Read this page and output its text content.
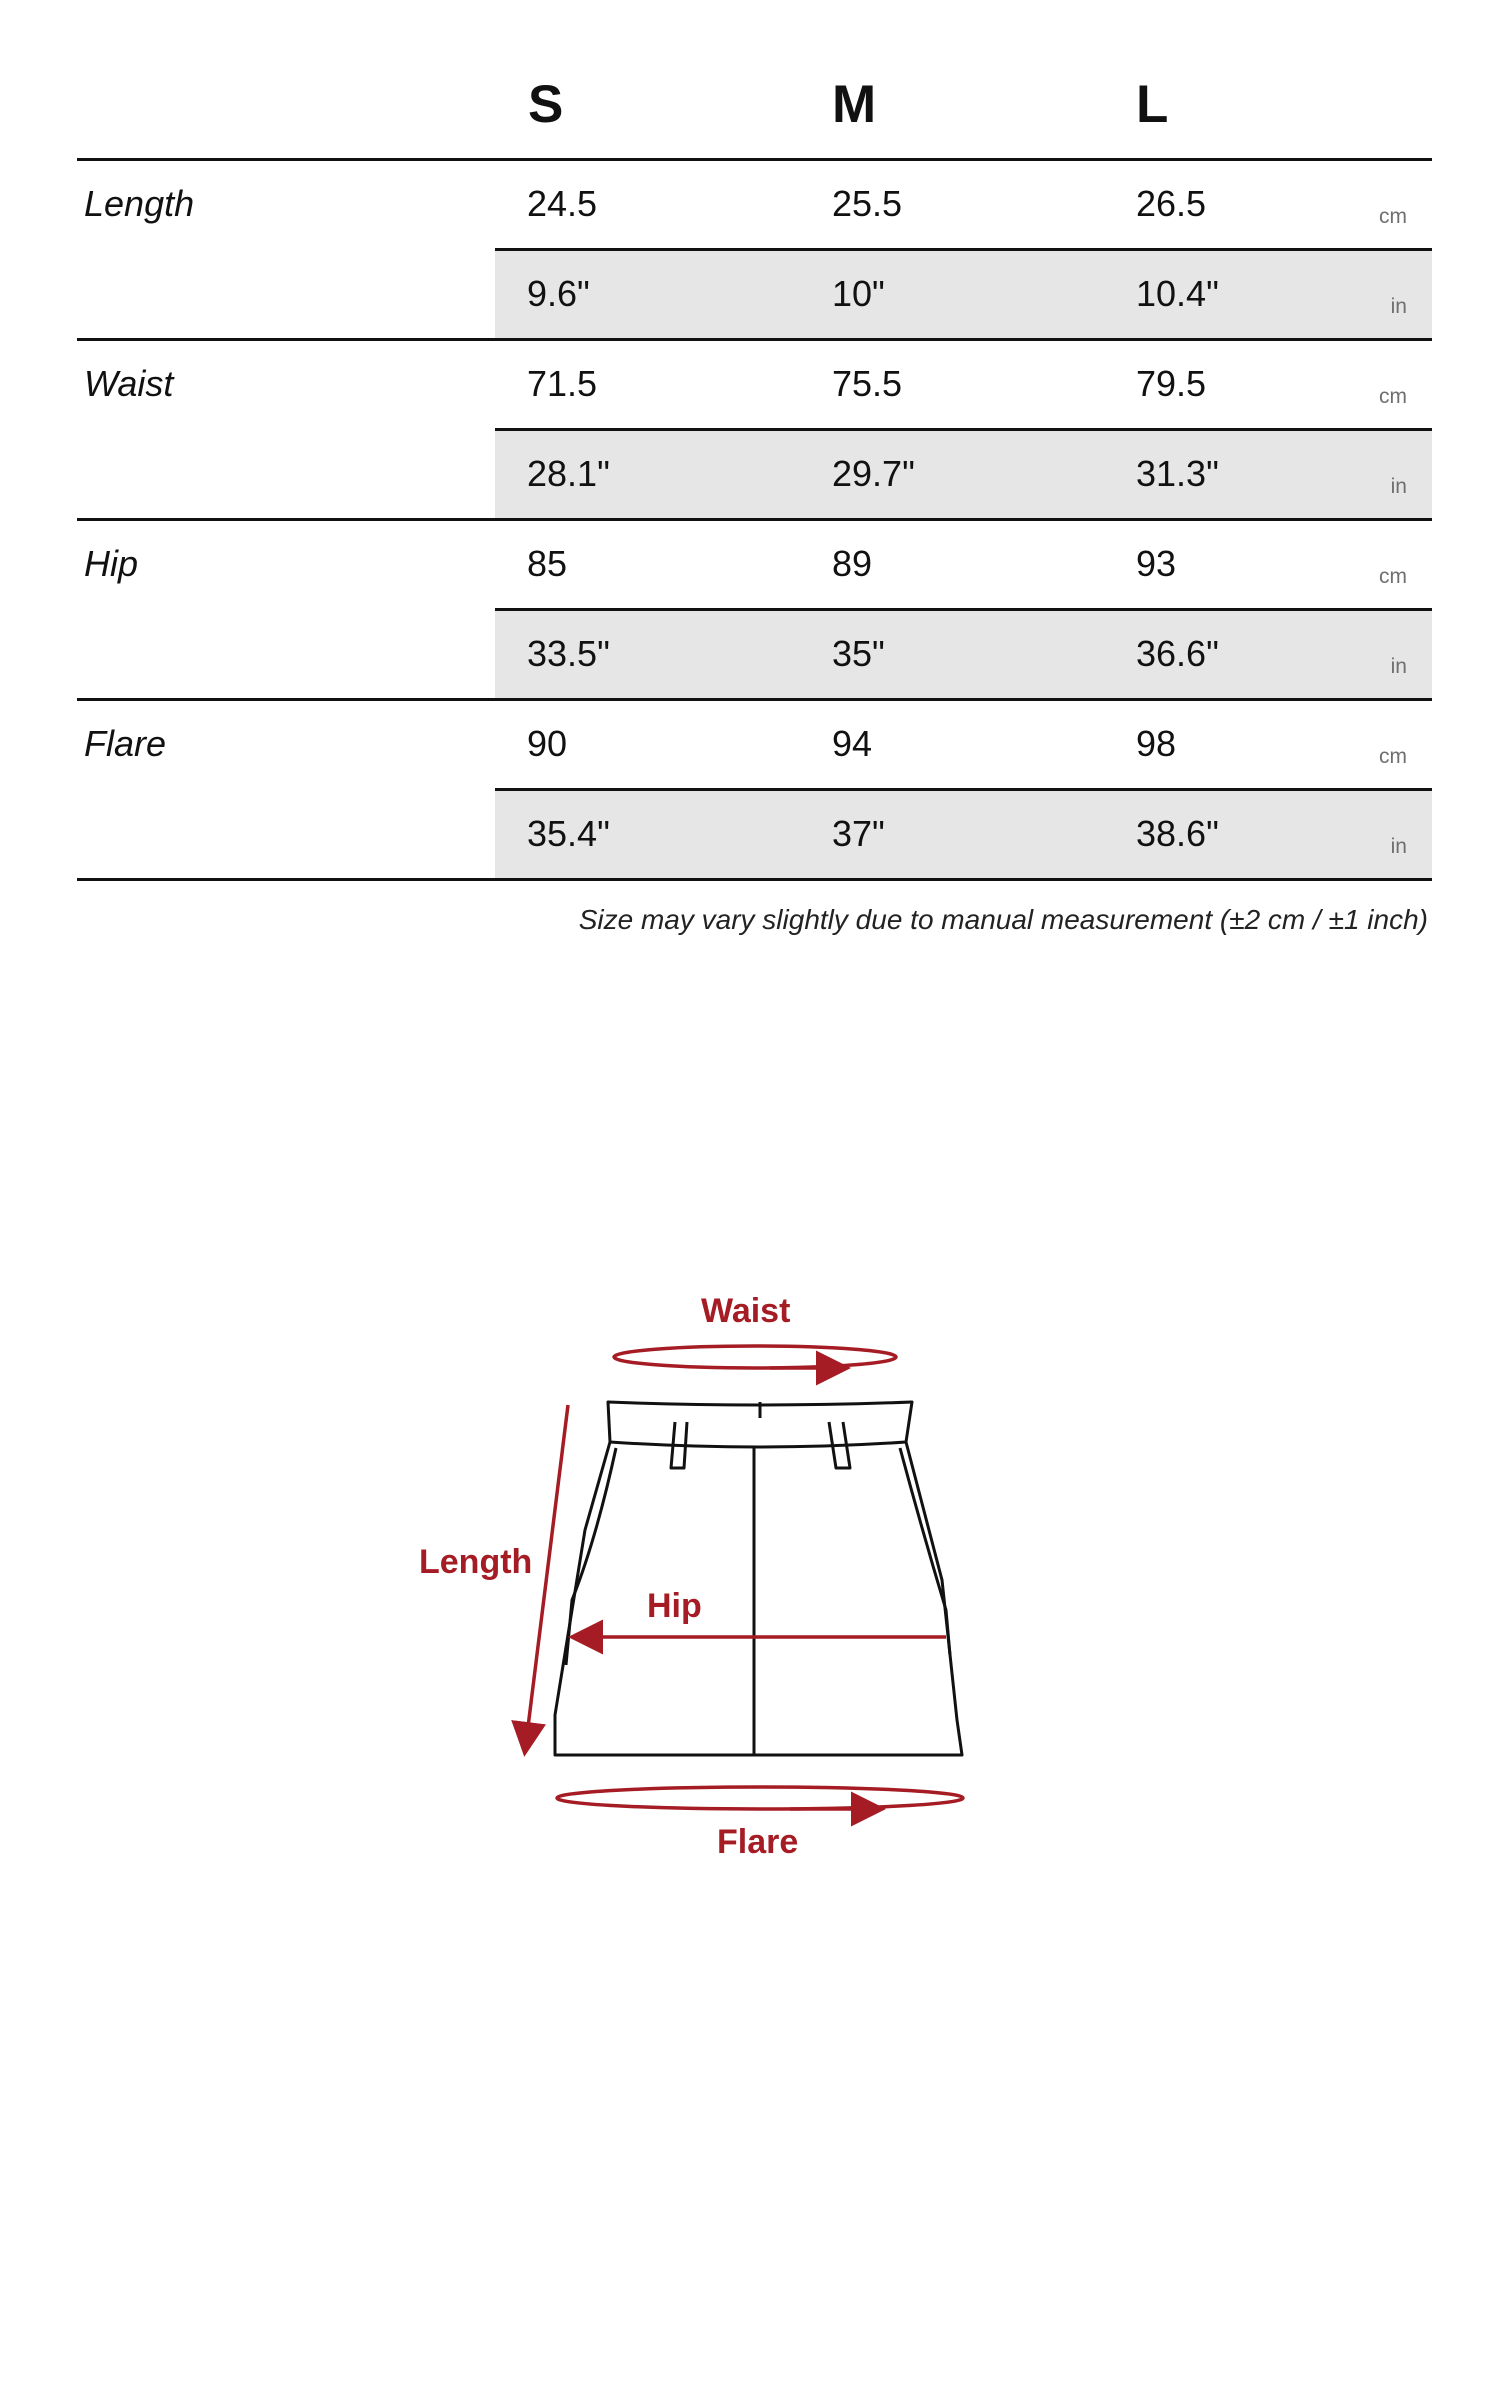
S	M	L
Length	24.5	25.5	26.5	cm
9.6"	10"	10.4"	in
Waist	71.5	75.5	79.5	cm
28.1"	29.7"	31.3"	in
Hip	85	89	93	cm
33.5"	35"	36.6"	in
Flare	90	94	98	cm
35.4"	37"	38.6"	in
Size may vary slightly due to manual measurement (±2 cm / ±1 inch)
Waist
Length
Hip
Flare
